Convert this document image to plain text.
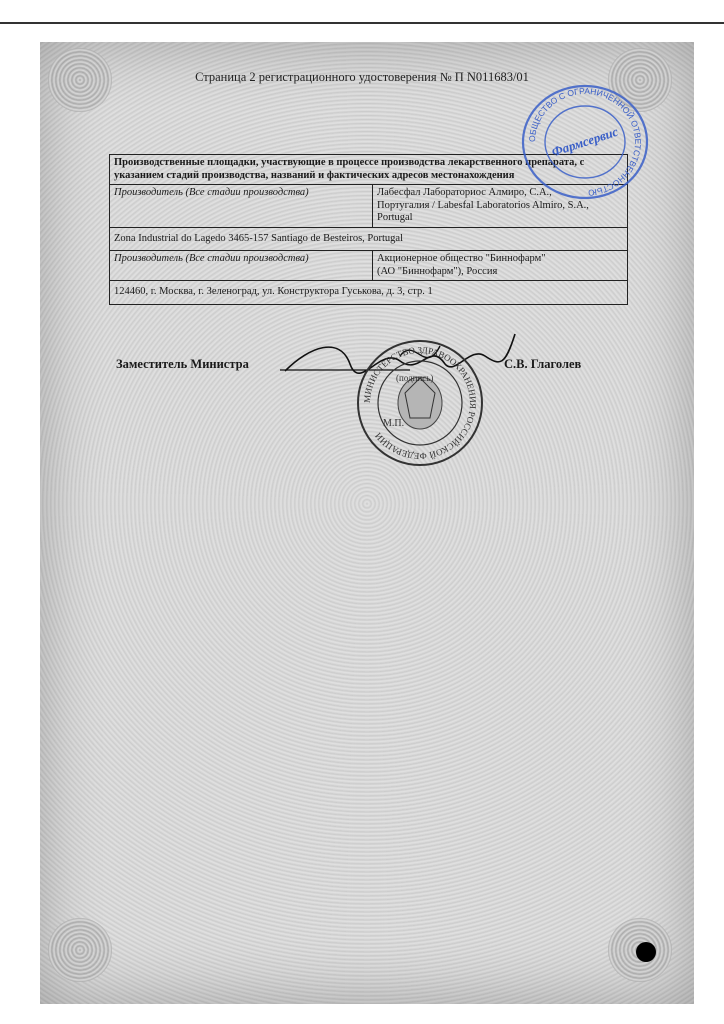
Страница 2 регистрационного удостоверения № П N011683/01
Производственные площадки, участвующие в процессе производства лекарственного препарата, с указанием стадий производства, названий и фактических адресов местонахождения
Производитель (Все стадии производства)	Лабесфал Лабораториос Алмиро, С.А.,
Португалия / Labesfal Laboratorios Almiro, S.A.,
Portugal
Zona Industrial do Lagedo 3465-157 Santiago de Besteiros, Portugal
Производитель (Все стадии производства)	Акционерное общество "Биннофарм"
(АО "Биннофарм"), Россия
124460, г. Москва, г. Зеленоград, ул. Конструктора Гуськова, д. 3, стр. 1
Заместитель Министра
МИНИСТЕРСТВО ЗДРАВООХРАНЕНИЯ РОССИЙСКОЙ ФЕДЕРАЦИИ
(подпись)
М.П.
С.В. Глаголев
ОБЩЕСТВО С ОГРАНИЧЕННОЙ ОТВЕТСТВЕННОСТЬЮ
Фармсервис
